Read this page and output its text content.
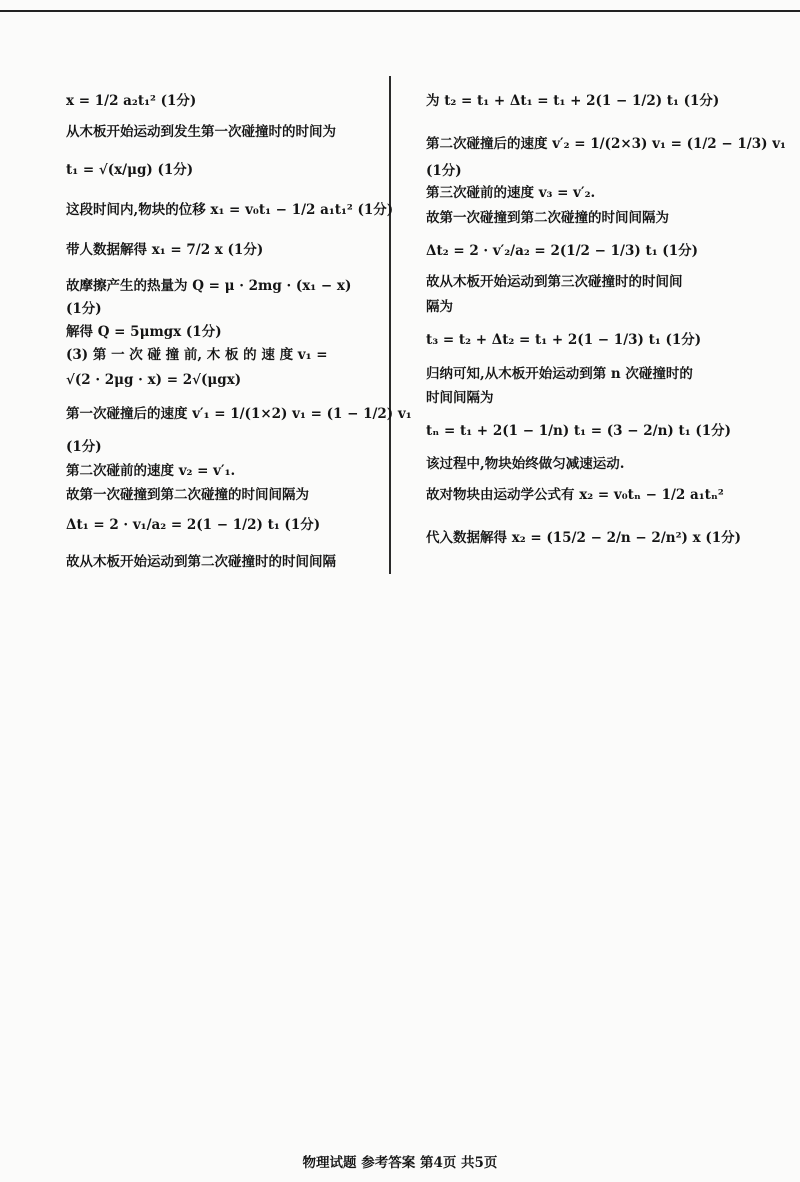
x = 1/2 a₂t₁² (1分)
从木板开始运动到发生第一次碰撞时的时间为
t₁ = √(x/μg) (1分)
这段时间内,物块的位移 x₁ = v₀t₁ − 1/2 a₁t₁² (1分)
带人数据解得 x₁ = 7/2 x (1分)
故摩擦产生的热量为 Q = μ · 2mg · (x₁ − x)
(1分)
解得 Q = 5μmgx (1分)
(3) 第 一 次 碰 撞 前, 木 板 的 速 度 v₁ =
√(2 · 2μg · x) = 2√(μgx)
第一次碰撞后的速度 v′₁ = 1/(1×2) v₁ = (1 − 1/2) v₁
(1分)
第二次碰前的速度 v₂ = v′₁.
故第一次碰撞到第二次碰撞的时间间隔为
Δt₁ = 2 · v₁/a₂ = 2(1 − 1/2) t₁ (1分)
故从木板开始运动到第二次碰撞时的时间间隔
为 t₂ = t₁ + Δt₁ = t₁ + 2(1 − 1/2) t₁ (1分)
第二次碰撞后的速度 v′₂ = 1/(2×3) v₁ = (1/2 − 1/3) v₁
(1分)
第三次碰前的速度 v₃ = v′₂.
故第一次碰撞到第二次碰撞的时间间隔为
Δt₂ = 2 · v′₂/a₂ = 2(1/2 − 1/3) t₁ (1分)
故从木板开始运动到第三次碰撞时的时间间
隔为
t₃ = t₂ + Δt₂ = t₁ + 2(1 − 1/3) t₁ (1分)
归纳可知,从木板开始运动到第 n 次碰撞时的
时间间隔为
tₙ = t₁ + 2(1 − 1/n) t₁ = (3 − 2/n) t₁ (1分)
该过程中,物块始终做匀减速运动.
故对物块由运动学公式有 x₂ = v₀tₙ − 1/2 a₁tₙ²
代入数据解得 x₂ = (15/2 − 2/n − 2/n²) x (1分)
物理试题 参考答案 第4页 共5页
